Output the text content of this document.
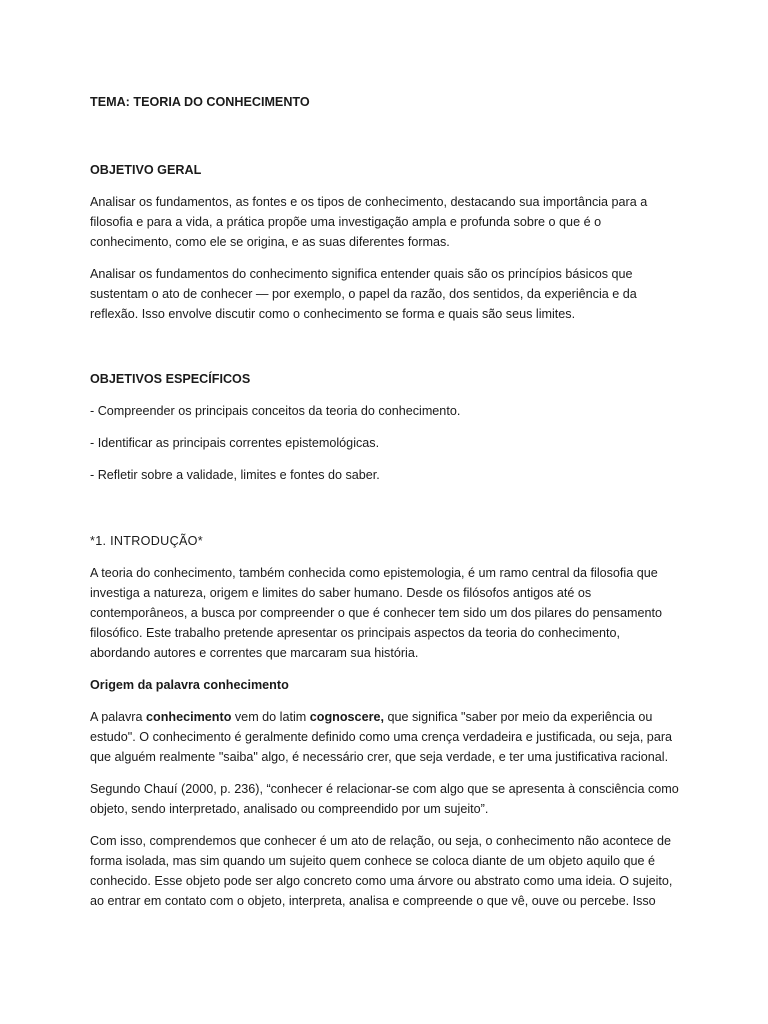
TEMA: TEORIA DO CONHECIMENTO

OBJETIVO GERAL

Analisar os fundamentos, as fontes e os tipos de conhecimento, destacando sua importância para a filosofia e para a vida, a prática propõe uma investigação ampla e profunda sobre o que é o conhecimento, como ele se origina, e as suas diferentes formas.

Analisar os fundamentos do conhecimento significa entender quais são os princípios básicos que sustentam o ato de conhecer — por exemplo, o papel da razão, dos sentidos, da experiência e da reflexão. Isso envolve discutir como o conhecimento se forma e quais são seus limites.

OBJETIVOS ESPECÍFICOS

- Compreender os principais conceitos da teoria do conhecimento.

- Identificar as principais correntes epistemológicas.

- Refletir sobre a validade, limites e fontes do saber.

*1. INTRODUÇÃO*

A teoria do conhecimento, também conhecida como epistemologia, é um ramo central da filosofia que investiga a natureza, origem e limites do saber humano. Desde os filósofos antigos até os contemporâneos, a busca por compreender o que é conhecer tem sido um dos pilares do pensamento filosófico. Este trabalho pretende apresentar os principais aspectos da teoria do conhecimento, abordando autores e correntes que marcaram sua história.

Origem da palavra conhecimento

A palavra conhecimento vem do latim cognoscere, que significa "saber por meio da experiência ou estudo". O conhecimento é geralmente definido como uma crença verdadeira e justificada, ou seja, para que alguém realmente "saiba" algo, é necessário crer, que seja verdade, e ter uma justificativa racional.

Segundo Chauí (2000, p. 236), “conhecer é relacionar-se com algo que se apresenta à consciência como objeto, sendo interpretado, analisado ou compreendido por um sujeito”.

Com isso, comprendemos que conhecer é um ato de relação, ou seja, o conhecimento não acontece de forma isolada, mas sim quando um sujeito quem conhece se coloca diante de um objeto aquilo que é conhecido. Esse objeto pode ser algo concreto como uma árvore ou abstrato como uma ideia. O sujeito, ao entrar em contato com o objeto, interpreta, analisa e compreende o que vê, ouve ou percebe. Isso
